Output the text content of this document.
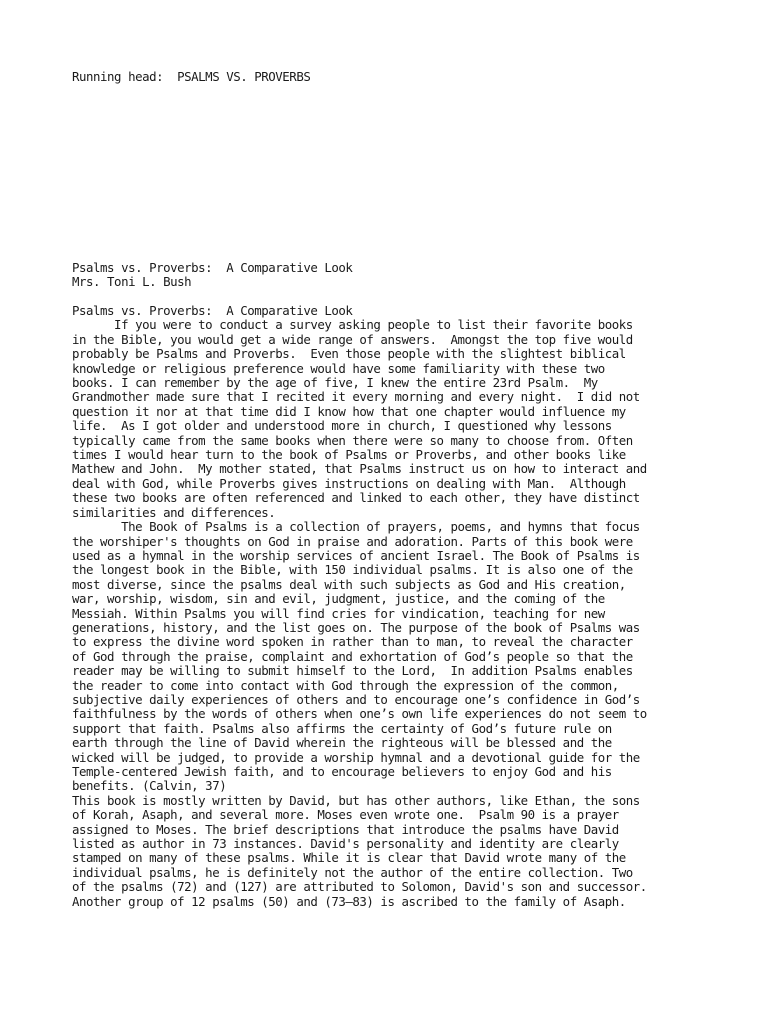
Running head:  PSALMS VS. PROVERBS
Psalms vs. Proverbs:  A Comparative Look
Mrs. Toni L. Bush
Psalms vs. Proverbs:  A Comparative Look
If you were to conduct a survey asking people to list their favorite books
in the Bible, you would get a wide range of answers.  Amongst the top five would
probably be Psalms and Proverbs.  Even those people with the slightest biblical
knowledge or religious preference would have some familiarity with these two
books. I can remember by the age of five, I knew the entire 23rd Psalm.  My
Grandmother made sure that I recited it every morning and every night.  I did not
question it nor at that time did I know how that one chapter would influence my
life.  As I got older and understood more in church, I questioned why lessons
typically came from the same books when there were so many to choose from. Often
times I would hear turn to the book of Psalms or Proverbs, and other books like
Mathew and John.  My mother stated, that Psalms instruct us on how to interact and
deal with God, while Proverbs gives instructions on dealing with Man.  Although
these two books are often referenced and linked to each other, they have distinct
similarities and differences.
The Book of Psalms is a collection of prayers, poems, and hymns that focus
the worshiper's thoughts on God in praise and adoration. Parts of this book were
used as a hymnal in the worship services of ancient Israel. The Book of Psalms is
the longest book in the Bible, with 150 individual psalms. It is also one of the
most diverse, since the psalms deal with such subjects as God and His creation,
war, worship, wisdom, sin and evil, judgment, justice, and the coming of the
Messiah. Within Psalms you will find cries for vindication, teaching for new
generations, history, and the list goes on. The purpose of the book of Psalms was
to express the divine word spoken in rather than to man, to reveal the character
of God through the praise, complaint and exhortation of God’s people so that the
reader may be willing to submit himself to the Lord,  In addition Psalms enables
the reader to come into contact with God through the expression of the common,
subjective daily experiences of others and to encourage one’s confidence in God’s
faithfulness by the words of others when one’s own life experiences do not seem to
support that faith. Psalms also affirms the certainty of God’s future rule on
earth through the line of David wherein the righteous will be blessed and the
wicked will be judged, to provide a worship hymnal and a devotional guide for the
Temple-centered Jewish faith, and to encourage believers to enjoy God and his
benefits. (Calvin, 37)
This book is mostly written by David, but has other authors, like Ethan, the sons
of Korah, Asaph, and several more. Moses even wrote one.  Psalm 90 is a prayer
assigned to Moses. The brief descriptions that introduce the psalms have David
listed as author in 73 instances. David's personality and identity are clearly
stamped on many of these psalms. While it is clear that David wrote many of the
individual psalms, he is definitely not the author of the entire collection. Two
of the psalms (72) and (127) are attributed to Solomon, David's son and successor.
Another group of 12 psalms (50) and (73–83) is ascribed to the family of Asaph.
